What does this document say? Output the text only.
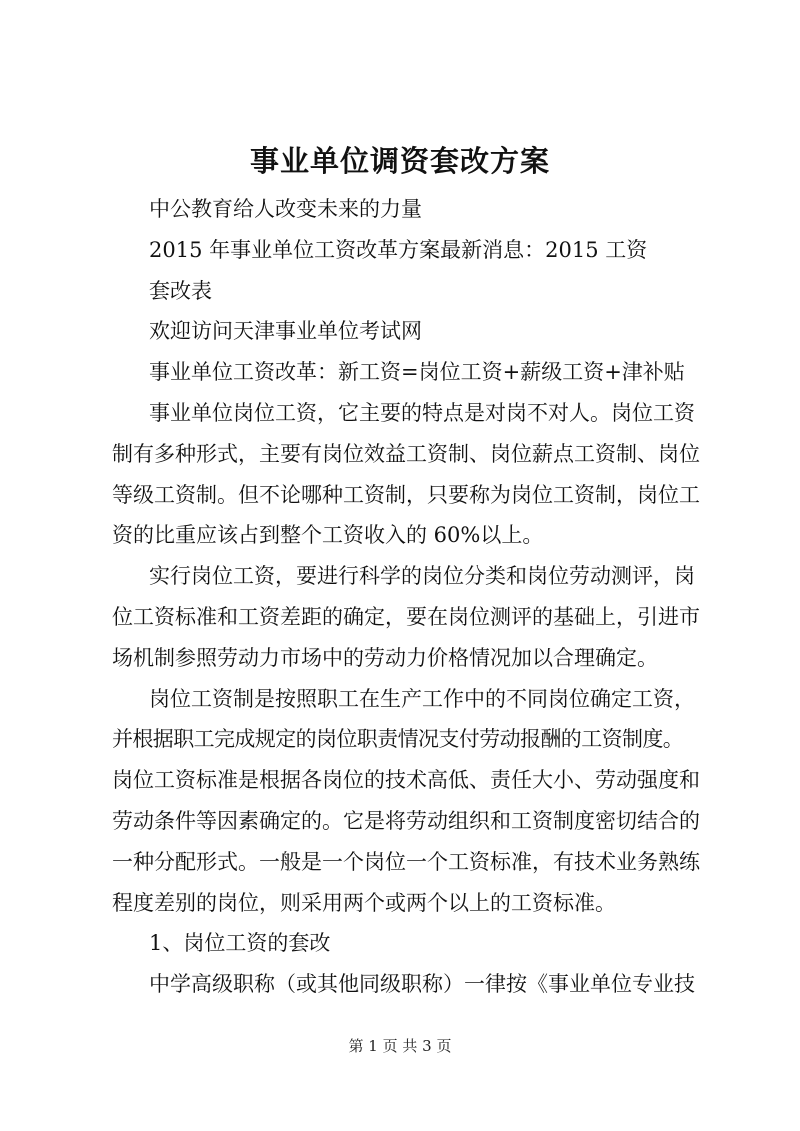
事业单位调资套改方案
中公教育给人改变未来的力量
2015 年事业单位工资改革方案最新消息：2015 工资
套改表
欢迎访问天津事业单位考试网
事业单位工资改革：新工资=岗位工资+薪级工资+津补贴
事业单位岗位工资，它主要的特点是对岗不对人。岗位工资
制有多种形式，主要有岗位效益工资制、岗位薪点工资制、岗位
等级工资制。但不论哪种工资制，只要称为岗位工资制，岗位工
资的比重应该占到整个工资收入的 60%以上。
实行岗位工资，要进行科学的岗位分类和岗位劳动测评，岗
位工资标准和工资差距的确定，要在岗位测评的基础上，引进市
场机制参照劳动力市场中的劳动力价格情况加以合理确定。
岗位工资制是按照职工在生产工作中的不同岗位确定工资，
并根据职工完成规定的岗位职责情况支付劳动报酬的工资制度。
岗位工资标准是根据各岗位的技术高低、责任大小、劳动强度和
劳动条件等因素确定的。它是将劳动组织和工资制度密切结合的
一种分配形式。一般是一个岗位一个工资标准，有技术业务熟练
程度差别的岗位，则采用两个或两个以上的工资标准。
1、岗位工资的套改
中学高级职称（或其他同级职称）一律按《事业单位专业技
第 1 页 共 3 页
